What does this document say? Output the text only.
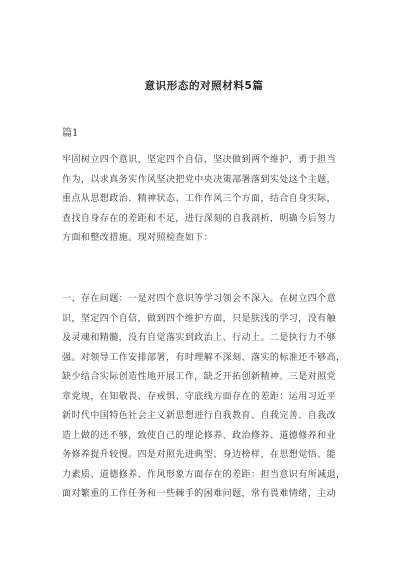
意识形态的对照材料5篇
篇1

牢固树立四个意识，坚定四个自信，坚决做到两个维护，勇于担当
作为，以求真务实作风坚决把党中央决策部署落到实处这个主题，
重点从思想政治、精神状态、工作作风三个方面，结合自身实际，
查找自身存在的差距和不足，进行深刻的自我剖析，明确今后努力
方面和整改措施。现对照检查如下：

一、存在问题：一是对四个意识等学习领会不深入。在树立四个意
识，坚定四个自信，做到四个维护方面，只是肤浅的学习，没有触
及灵魂和精髓，没有自觉落实到政治上、行动上。二是执行力不够
强。对领导工作安排部署，有时理解不深刻、落实的标准还不够高，
缺少结合实际创造性地开展工作，缺乏开拓创新精神。三是对照党
章党规，在知敬畏、存戒惧、守底线方面存在的差距：运用习近平
新时代中国特色社会主义新思想进行自我教育、自我完善、自我改
造上做的还不够，致使自己的理论修养、政治修养、道德修养和业
务修养提升较慢。四是对照先进典型、身边榜样，在思想觉悟、能
力素质、道德修养、作风形象方面存在的差距：担当意识有所减退，
面对繁重的工作任务和一些棘手的困难问题，常有畏难情绪，主动
